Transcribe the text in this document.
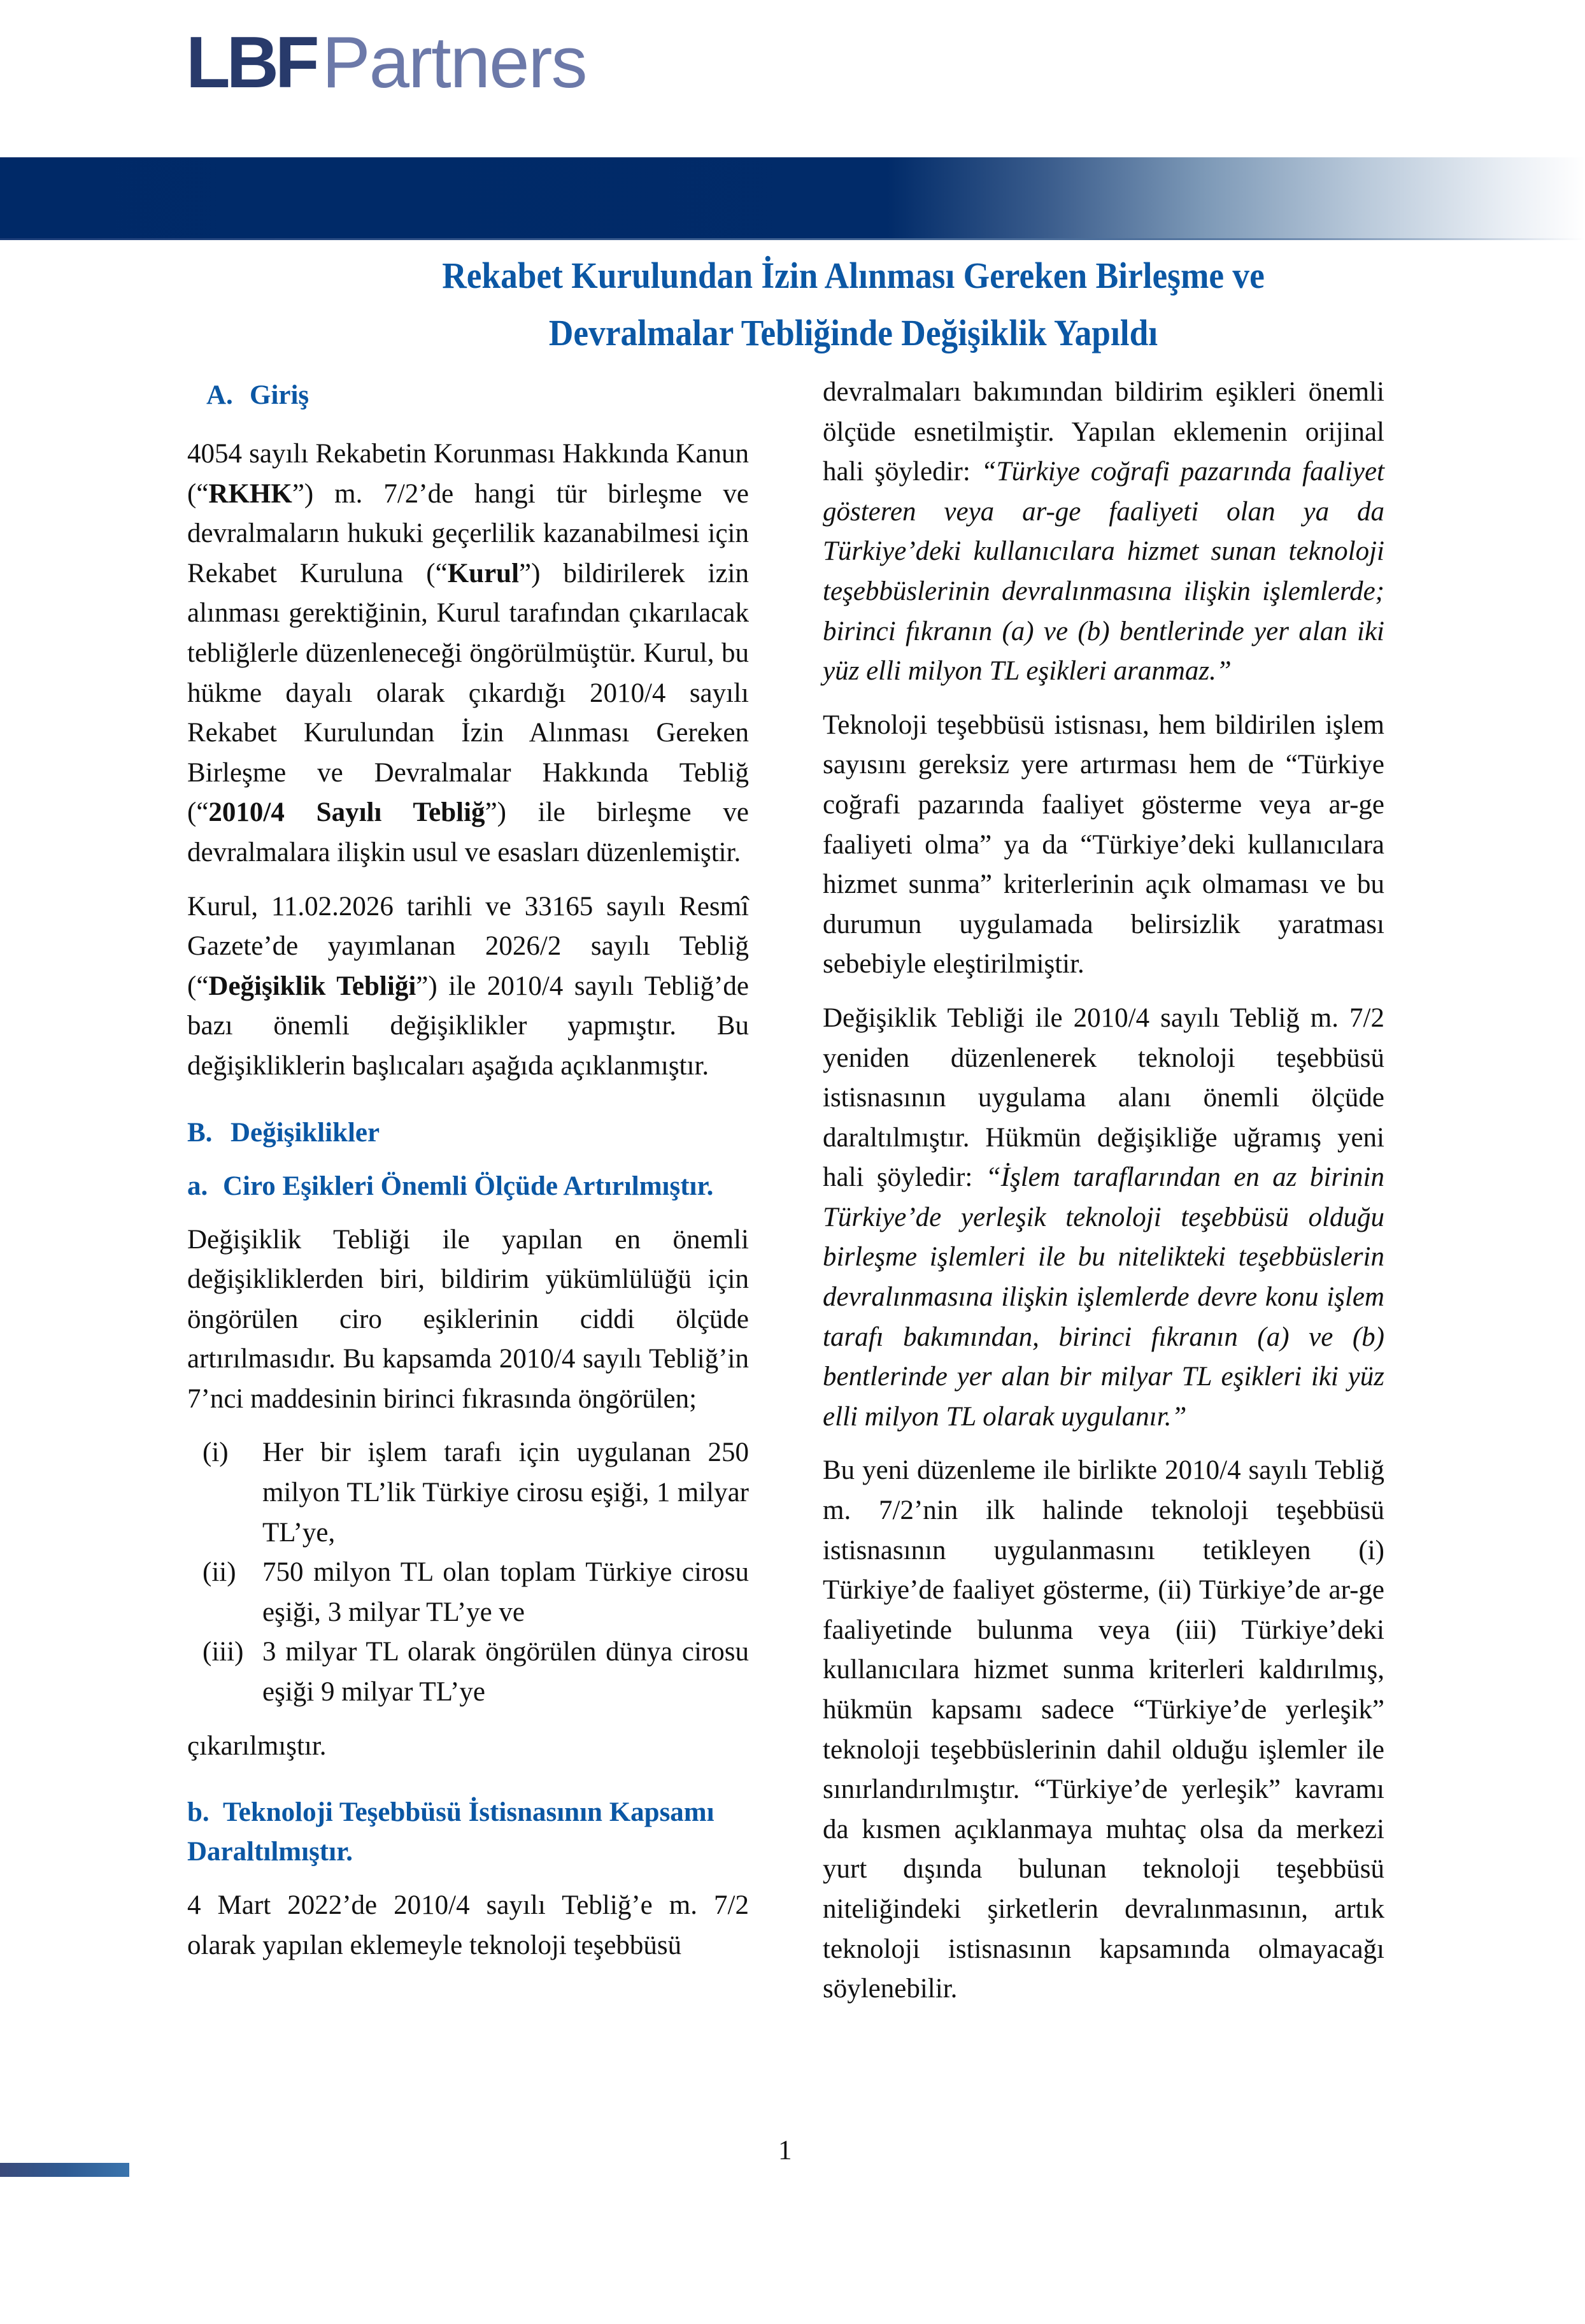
LBF Partners
Rekabet Kurulundan İzin Alınması Gereken Birleşme ve
Devralmalar Tebliğinde Değişiklik Yapıldı
A. Giriş

4054 sayılı Rekabetin Korunması Hakkında Kanun (“RKHK”) m. 7/2’de hangi tür birleşme ve devralmaların hukuki geçerlilik kazanabilmesi için Rekabet Kuruluna (“Kurul”) bildirilerek izin alınması gerektiğinin, Kurul tarafından çıkarılacak tebliğlerle düzenleneceği öngörülmüştür. Kurul, bu hükme dayalı olarak çıkardığı 2010/4 sayılı Rekabet Kurulundan İzin Alınması Gereken Birleşme ve Devralmalar Hakkında Tebliğ (“2010/4 Sayılı Tebliğ”) ile birleşme ve devralmalara ilişkin usul ve esasları düzenlemiştir.

Kurul, 11.02.2026 tarihli ve 33165 sayılı Resmî Gazete’de yayımlanan 2026/2 sayılı Tebliğ (“Değişiklik Tebliği”) ile 2010/4 sayılı Tebliğ’de bazı önemli değişiklikler yapmıştır. Bu değişikliklerin başlıcaları aşağıda açıklanmıştır.

B. Değişiklikler
a. Ciro Eşikleri Önemli Ölçüde Artırılmıştır.

Değişiklik Tebliği ile yapılan en önemli değişikliklerden biri, bildirim yükümlülüğü için öngörülen ciro eşiklerinin ciddi ölçüde artırılmasıdır. Bu kapsamda 2010/4 sayılı Tebliğ’in 7’nci maddesinin birinci fıkrasında öngörülen;

(i) Her bir işlem tarafı için uygulanan 250 milyon TL’lik Türkiye cirosu eşiği, 1 milyar TL’ye,
(ii) 750 milyon TL olan toplam Türkiye cirosu eşiği, 3 milyar TL’ye ve
(iii) 3 milyar TL olarak öngörülen dünya cirosu eşiği 9 milyar TL’ye

çıkarılmıştır.

b. Teknoloji Teşebbüsü İstisnasının Kapsamı Daraltılmıştır.

4 Mart 2022’de 2010/4 sayılı Tebliğ’e m. 7/2 olarak yapılan eklemeyle teknoloji teşebbüsü

devralmaları bakımından bildirim eşikleri önemli ölçüde esnetilmiştir. Yapılan eklemenin orijinal hali şöyledir: “Türkiye coğrafi pazarında faaliyet gösteren veya ar-ge faaliyeti olan ya da Türkiye’deki kullanıcılara hizmet sunan teknoloji teşebbüslerinin devralınmasına ilişkin işlemlerde; birinci fıkranın (a) ve (b) bentlerinde yer alan iki yüz elli milyon TL eşikleri aranmaz.”

Teknoloji teşebbüsü istisnası, hem bildirilen işlem sayısını gereksiz yere artırması hem de “Türkiye coğrafi pazarında faaliyet gösterme veya ar-ge faaliyeti olma” ya da “Türkiye’deki kullanıcılara hizmet sunma” kriterlerinin açık olmaması ve bu durumun uygulamada belirsizlik yaratması sebebiyle eleştirilmiştir.

Değişiklik Tebliği ile 2010/4 sayılı Tebliğ m. 7/2 yeniden düzenlenerek teknoloji teşebbüsü istisnasının uygulama alanı önemli ölçüde daraltılmıştır. Hükmün değişikliğe uğramış yeni hali şöyledir: “İşlem taraflarından en az birinin Türkiye’de yerleşik teknoloji teşebbüsü olduğu birleşme işlemleri ile bu nitelikteki teşebbüslerin devralınmasına ilişkin işlemlerde devre konu işlem tarafı bakımından, birinci fıkranın (a) ve (b) bentlerinde yer alan bir milyar TL eşikleri iki yüz elli milyon TL olarak uygulanır.”

Bu yeni düzenleme ile birlikte 2010/4 sayılı Tebliğ m. 7/2’nin ilk halinde teknoloji teşebbüsü istisnasının uygulanmasını tetikleyen (i) Türkiye’de faaliyet gösterme, (ii) Türkiye’de ar-ge faaliyetinde bulunma veya (iii) Türkiye’deki kullanıcılara hizmet sunma kriterleri kaldırılmış, hükmün kapsamı sadece “Türkiye’de yerleşik” teknoloji teşebbüslerinin dahil olduğu işlemler ile sınırlandırılmıştır. “Türkiye’de yerleşik” kavramı da kısmen açıklanmaya muhtaç olsa da merkezi yurt dışında bulunan teknoloji teşebbüsü niteliğindeki şirketlerin devralınmasının, artık teknoloji istisnasının kapsamında olmayacağı söylenebilir.

1
